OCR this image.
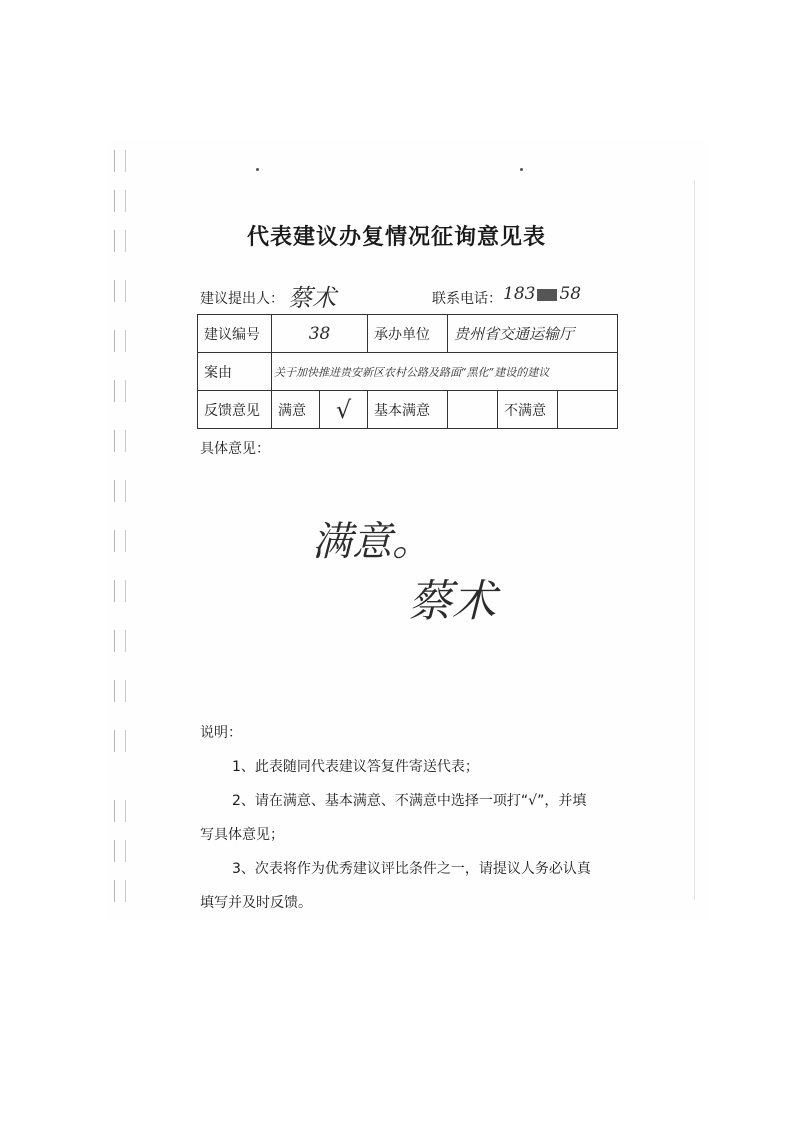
代表建议办复情况征询意见表
建议提出人： 蔡术	联系电话： 183 58
建议编号	38		承办单位	贵州省交通运输厅		
案由	关于加快推进贵安新区农村公路及路面“黑化”建设的建议					
反馈意见	满意	√	基本满意		不满意	
具体意见：
满意。
蔡术

说明：

1、此表随同代表建议答复件寄送代表；

2、请在满意、基本满意、不满意中选择一项打“√”，并填

写具体意见；

3、次表将作为优秀建议评比条件之一，请提议人务必认真

填写并及时反馈。
